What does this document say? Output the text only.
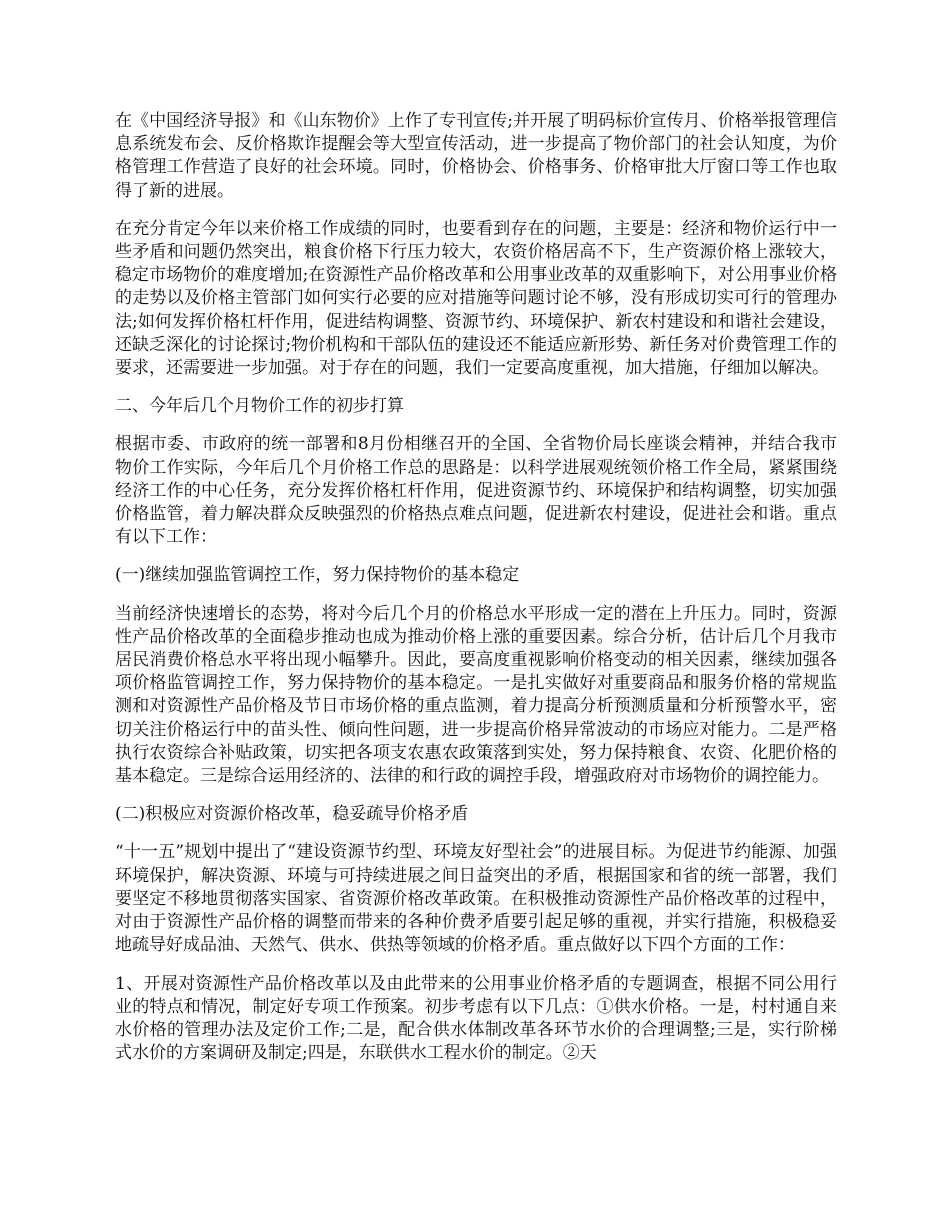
在《中国经济导报》和《山东物价》上作了专刊宣传;并开展了明码标价宣传月、价格举报管理信息系统发布会、反价格欺诈提醒会等大型宣传活动，进一步提高了物价部门的社会认知度，为价格管理工作营造了良好的社会环境。同时，价格协会、价格事务、价格审批大厅窗口等工作也取得了新的进展。

在充分肯定今年以来价格工作成绩的同时，也要看到存在的问题，主要是：经济和物价运行中一些矛盾和问题仍然突出，粮食价格下行压力较大，农资价格居高不下，生产资源价格上涨较大，稳定市场物价的难度增加;在资源性产品价格改革和公用事业改革的双重影响下，对公用事业价格的走势以及价格主管部门如何实行必要的应对措施等问题讨论不够，没有形成切实可行的管理办法;如何发挥价格杠杆作用，促进结构调整、资源节约、环境保护、新农村建设和和谐社会建设，还缺乏深化的讨论探讨;物价机构和干部队伍的建设还不能适应新形势、新任务对价费管理工作的要求，还需要进一步加强。对于存在的问题，我们一定要高度重视，加大措施，仔细加以解决。

二、今年后几个月物价工作的初步打算

根据市委、市政府的统一部署和8月份相继召开的全国、全省物价局长座谈会精神，并结合我市物价工作实际，今年后几个月价格工作总的思路是：以科学进展观统领价格工作全局，紧紧围绕经济工作的中心任务，充分发挥价格杠杆作用，促进资源节约、环境保护和结构调整，切实加强价格监管，着力解决群众反映强烈的价格热点难点问题，促进新农村建设，促进社会和谐。重点有以下工作：

(一)继续加强监管调控工作，努力保持物价的基本稳定

当前经济快速增长的态势，将对今后几个月的价格总水平形成一定的潜在上升压力。同时，资源性产品价格改革的全面稳步推动也成为推动价格上涨的重要因素。综合分析，估计后几个月我市居民消费价格总水平将出现小幅攀升。因此，要高度重视影响价格变动的相关因素，继续加强各项价格监管调控工作，努力保持物价的基本稳定。一是扎实做好对重要商品和服务价格的常规监测和对资源性产品价格及节日市场价格的重点监测，着力提高分析预测质量和分析预警水平，密切关注价格运行中的苗头性、倾向性问题，进一步提高价格异常波动的市场应对能力。二是严格执行农资综合补贴政策，切实把各项支农惠农政策落到实处，努力保持粮食、农资、化肥价格的基本稳定。三是综合运用经济的、法律的和行政的调控手段，增强政府对市场物价的调控能力。

(二)积极应对资源价格改革，稳妥疏导价格矛盾

“十一五”规划中提出了“建设资源节约型、环境友好型社会”的进展目标。为促进节约能源、加强环境保护，解决资源、环境与可持续进展之间日益突出的矛盾，根据国家和省的统一部署，我们要坚定不移地贯彻落实国家、省资源价格改革政策。在积极推动资源性产品价格改革的过程中，对由于资源性产品价格的调整而带来的各种价费矛盾要引起足够的重视，并实行措施，积极稳妥地疏导好成品油、天然气、供水、供热等领域的价格矛盾。重点做好以下四个方面的工作：

1、开展对资源性产品价格改革以及由此带来的公用事业价格矛盾的专题调查，根据不同公用行业的特点和情况，制定好专项工作预案。初步考虑有以下几点：①供水价格。一是，村村通自来水价格的管理办法及定价工作;二是，配合供水体制改革各环节水价的合理调整;三是，实行阶梯式水价的方案调研及制定;四是，东联供水工程水价的制定。②天
